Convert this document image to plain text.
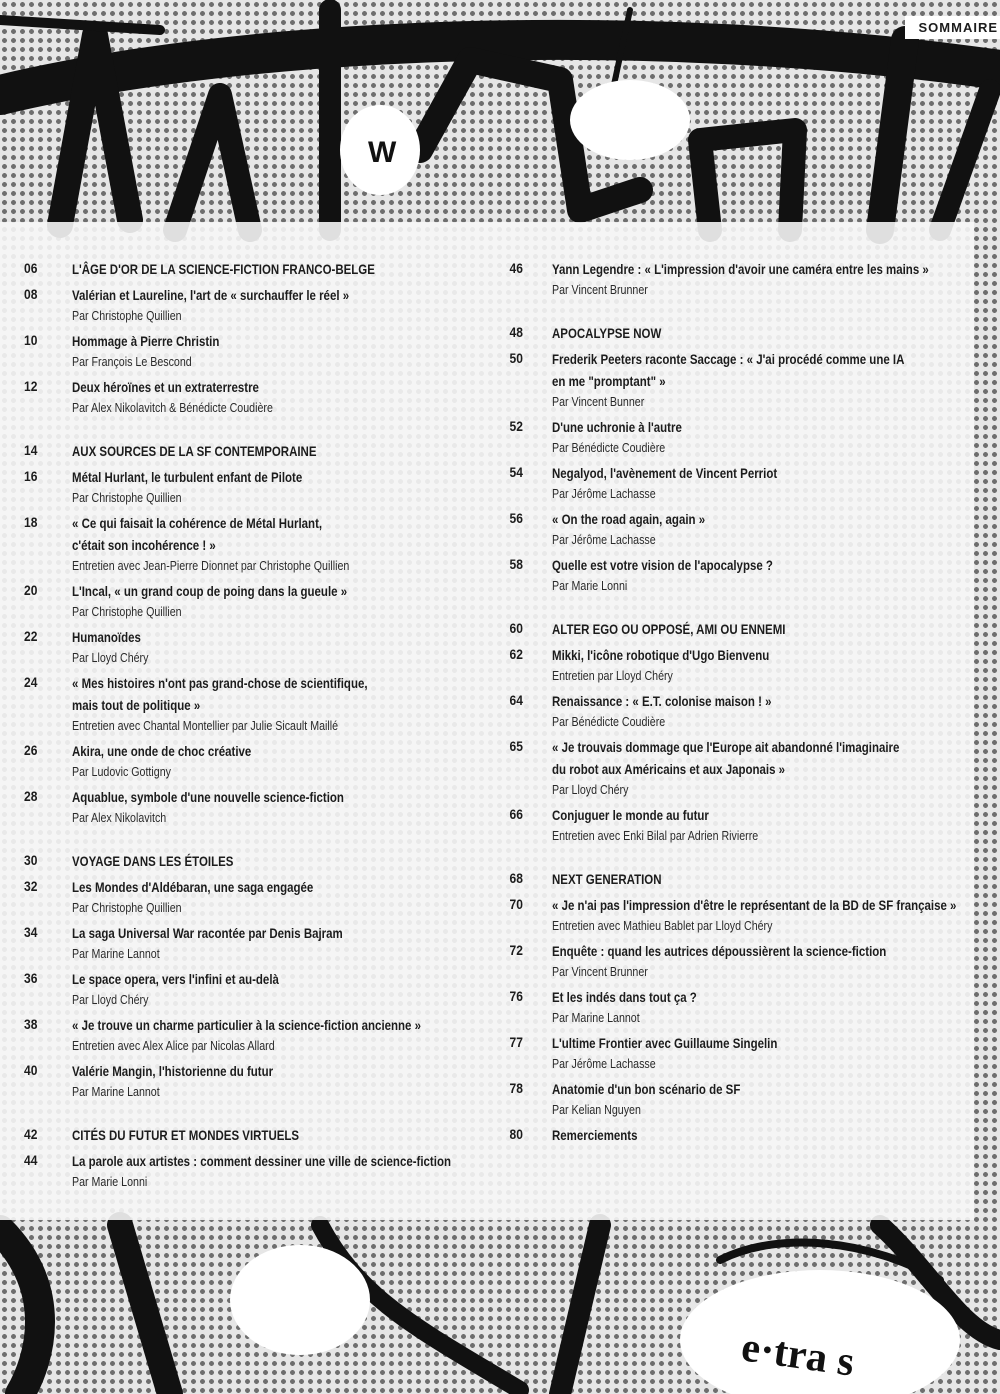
W
e·tra s
SOMMAIRE
06	L'ÂGE D'OR DE LA SCIENCE-FICTION FRANCO-BELGE
08	Valérian et Laureline, l'art de « surchauffer le réel »
Par Christophe Quillien
10	Hommage à Pierre Christin
Par François Le Bescond
12	Deux héroïnes et un extraterrestre
Par Alex Nikolavitch & Bénédicte Coudière
14	AUX SOURCES DE LA SF CONTEMPORAINE
16	Métal Hurlant, le turbulent enfant de Pilote
Par Christophe Quillien
18	« Ce qui faisait la cohérence de Métal Hurlant,
c'était son incohérence ! »
Entretien avec Jean-Pierre Dionnet par Christophe Quillien
20	L'Incal, « un grand coup de poing dans la gueule »
Par Christophe Quillien
22	Humanoïdes
Par Lloyd Chéry
24	« Mes histoires n'ont pas grand-chose de scientifique,
mais tout de politique »
Entretien avec Chantal Montellier par Julie Sicault Maillé
26	Akira, une onde de choc créative
Par Ludovic Gottigny
28	Aquablue, symbole d'une nouvelle science-fiction
Par Alex Nikolavitch
30	VOYAGE DANS LES ÉTOILES
32	Les Mondes d'Aldébaran, une saga engagée
Par Christophe Quillien
34	La saga Universal War racontée par Denis Bajram
Par Marine Lannot
36	Le space opera, vers l'infini et au-delà
Par Lloyd Chéry
38	« Je trouve un charme particulier à la science-fiction ancienne »
Entretien avec Alex Alice par Nicolas Allard
40	Valérie Mangin, l'historienne du futur
Par Marine Lannot
42	CITÉS DU FUTUR ET MONDES VIRTUELS
44	La parole aux artistes : comment dessiner une ville de science-fiction
Par Marie Lonni
46 Yann Legendre : « L'impression d'avoir une caméra entre les mains »
Par Vincent Brunner
48 APOCALYPSE NOW
50 Frederik Peeters raconte Saccage : « J'ai procédé comme une IA
en me "promptant" »
Par Vincent Bunner
52 D'une uchronie à l'autre
Par Bénédicte Coudière
54 Negalyod, l'avènement de Vincent Perriot
Par Jérôme Lachasse
56 « On the road again, again »
Par Jérôme Lachasse
58 Quelle est votre vision de l'apocalypse ?
Par Marie Lonni
60 ALTER EGO OU OPPOSÉ, AMI OU ENNEMI
62 Mikki, l'icône robotique d'Ugo Bienvenu
Entretien par Lloyd Chéry
64 Renaissance : « E.T. colonise maison ! »
Par Bénédicte Coudière
65 « Je trouvais dommage que l'Europe ait abandonné l'imaginaire
du robot aux Américains et aux Japonais »
Par Lloyd Chéry
66 Conjuguer le monde au futur
Entretien avec Enki Bilal par Adrien Rivierre
68 NEXT GENERATION
70 « Je n'ai pas l'impression d'être le représentant de la BD de SF française »
Entretien avec Mathieu Bablet par Lloyd Chéry
72 Enquête : quand les autrices dépoussièrent la science-fiction
Par Vincent Brunner
76 Et les indés dans tout ça ?
Par Marine Lannot
77 L'ultime Frontier avec Guillaume Singelin
Par Jérôme Lachasse
78 Anatomie d'un bon scénario de SF
Par Kelian Nguyen
80 Remerciements
